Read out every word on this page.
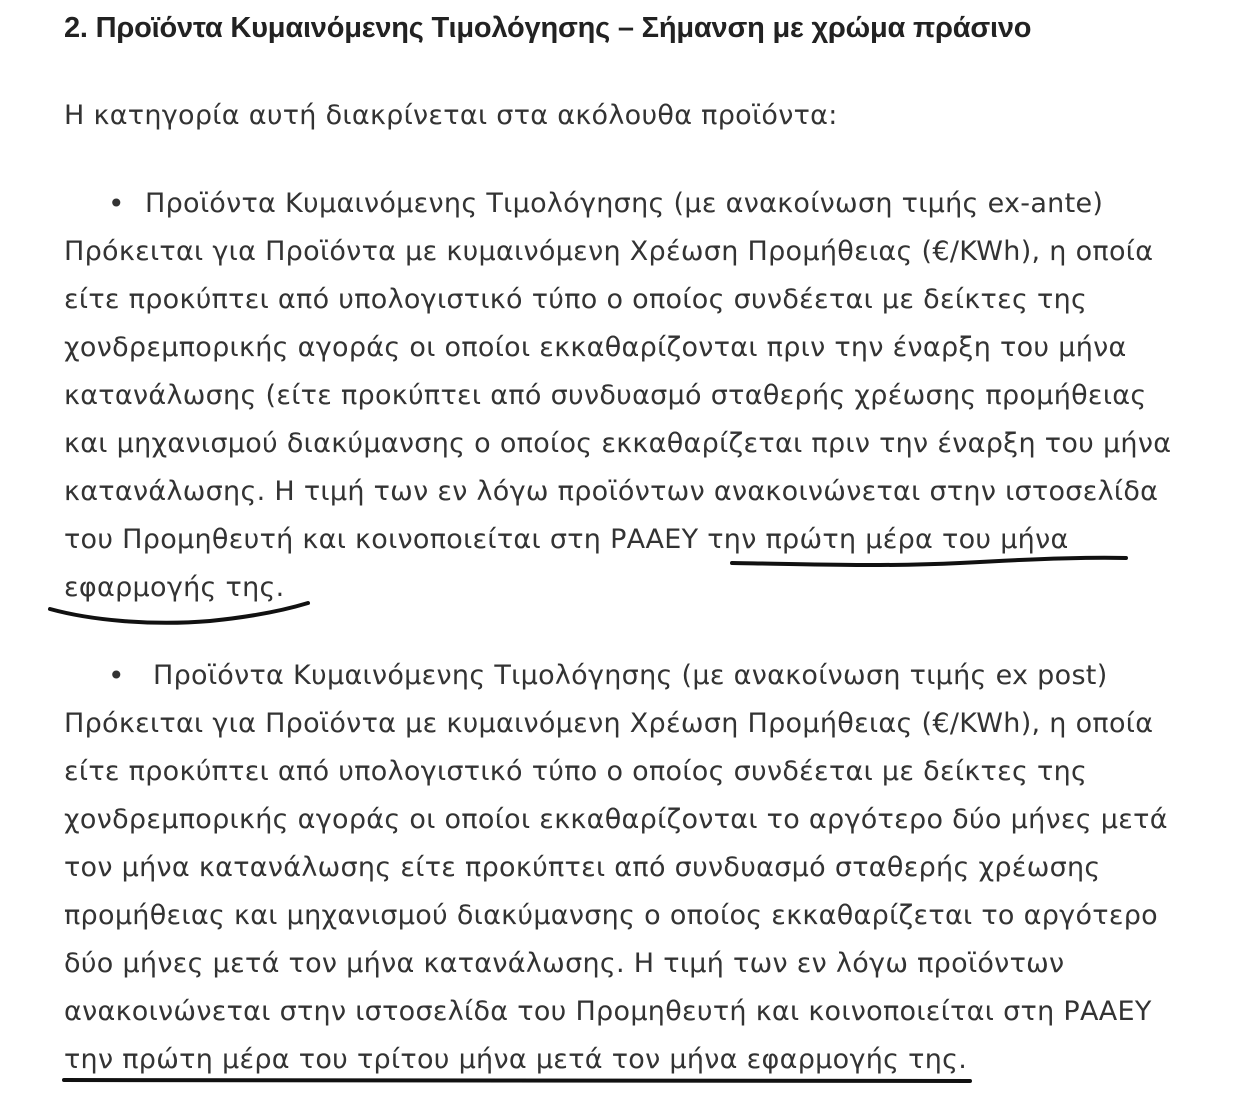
2. Προϊόντα Κυμαινόμενης Τιμολόγησης – Σήμανση με χρώμα πράσινο
Η κατηγορία αυτή διακρίνεται στα ακόλουθα προϊόντα:
• Προϊόντα Κυμαινόμενης Τιμολόγησης (με ανακοίνωση τιμής ex-ante)
Πρόκειται για Προϊόντα με κυμαινόμενη Χρέωση Προμήθειας (€/KWh), η οποία
είτε προκύπτει από υπολογιστικό τύπο ο οποίος συνδέεται με δείκτες της
χονδρεμπορικής αγοράς οι οποίοι εκκαθαρίζονται πριν την έναρξη του μήνα
κατανάλωσης (είτε προκύπτει από συνδυασμό σταθερής χρέωσης προμήθειας
και μηχανισμού διακύμανσης ο οποίος εκκαθαρίζεται πριν την έναρξη του μήνα
κατανάλωσης. Η τιμή των εν λόγω προϊόντων ανακοινώνεται στην ιστοσελίδα
του Προμηθευτή και κοινοποιείται στη ΡΑΑΕΥ την πρώτη μέρα του μήνα
εφαρμογής της.
• Προϊόντα Κυμαινόμενης Τιμολόγησης (με ανακοίνωση τιμής ex post)
Πρόκειται για Προϊόντα με κυμαινόμενη Χρέωση Προμήθειας (€/KWh), η οποία
είτε προκύπτει από υπολογιστικό τύπο ο οποίος συνδέεται με δείκτες της
χονδρεμπορικής αγοράς οι οποίοι εκκαθαρίζονται το αργότερο δύο μήνες μετά
τον μήνα κατανάλωσης είτε προκύπτει από συνδυασμό σταθερής χρέωσης
προμήθειας και μηχανισμού διακύμανσης ο οποίος εκκαθαρίζεται το αργότερο
δύο μήνες μετά τον μήνα κατανάλωσης. Η τιμή των εν λόγω προϊόντων
ανακοινώνεται στην ιστοσελίδα του Προμηθευτή και κοινοποιείται στη ΡΑΑΕΥ
την πρώτη μέρα του τρίτου μήνα μετά τον μήνα εφαρμογής της.
